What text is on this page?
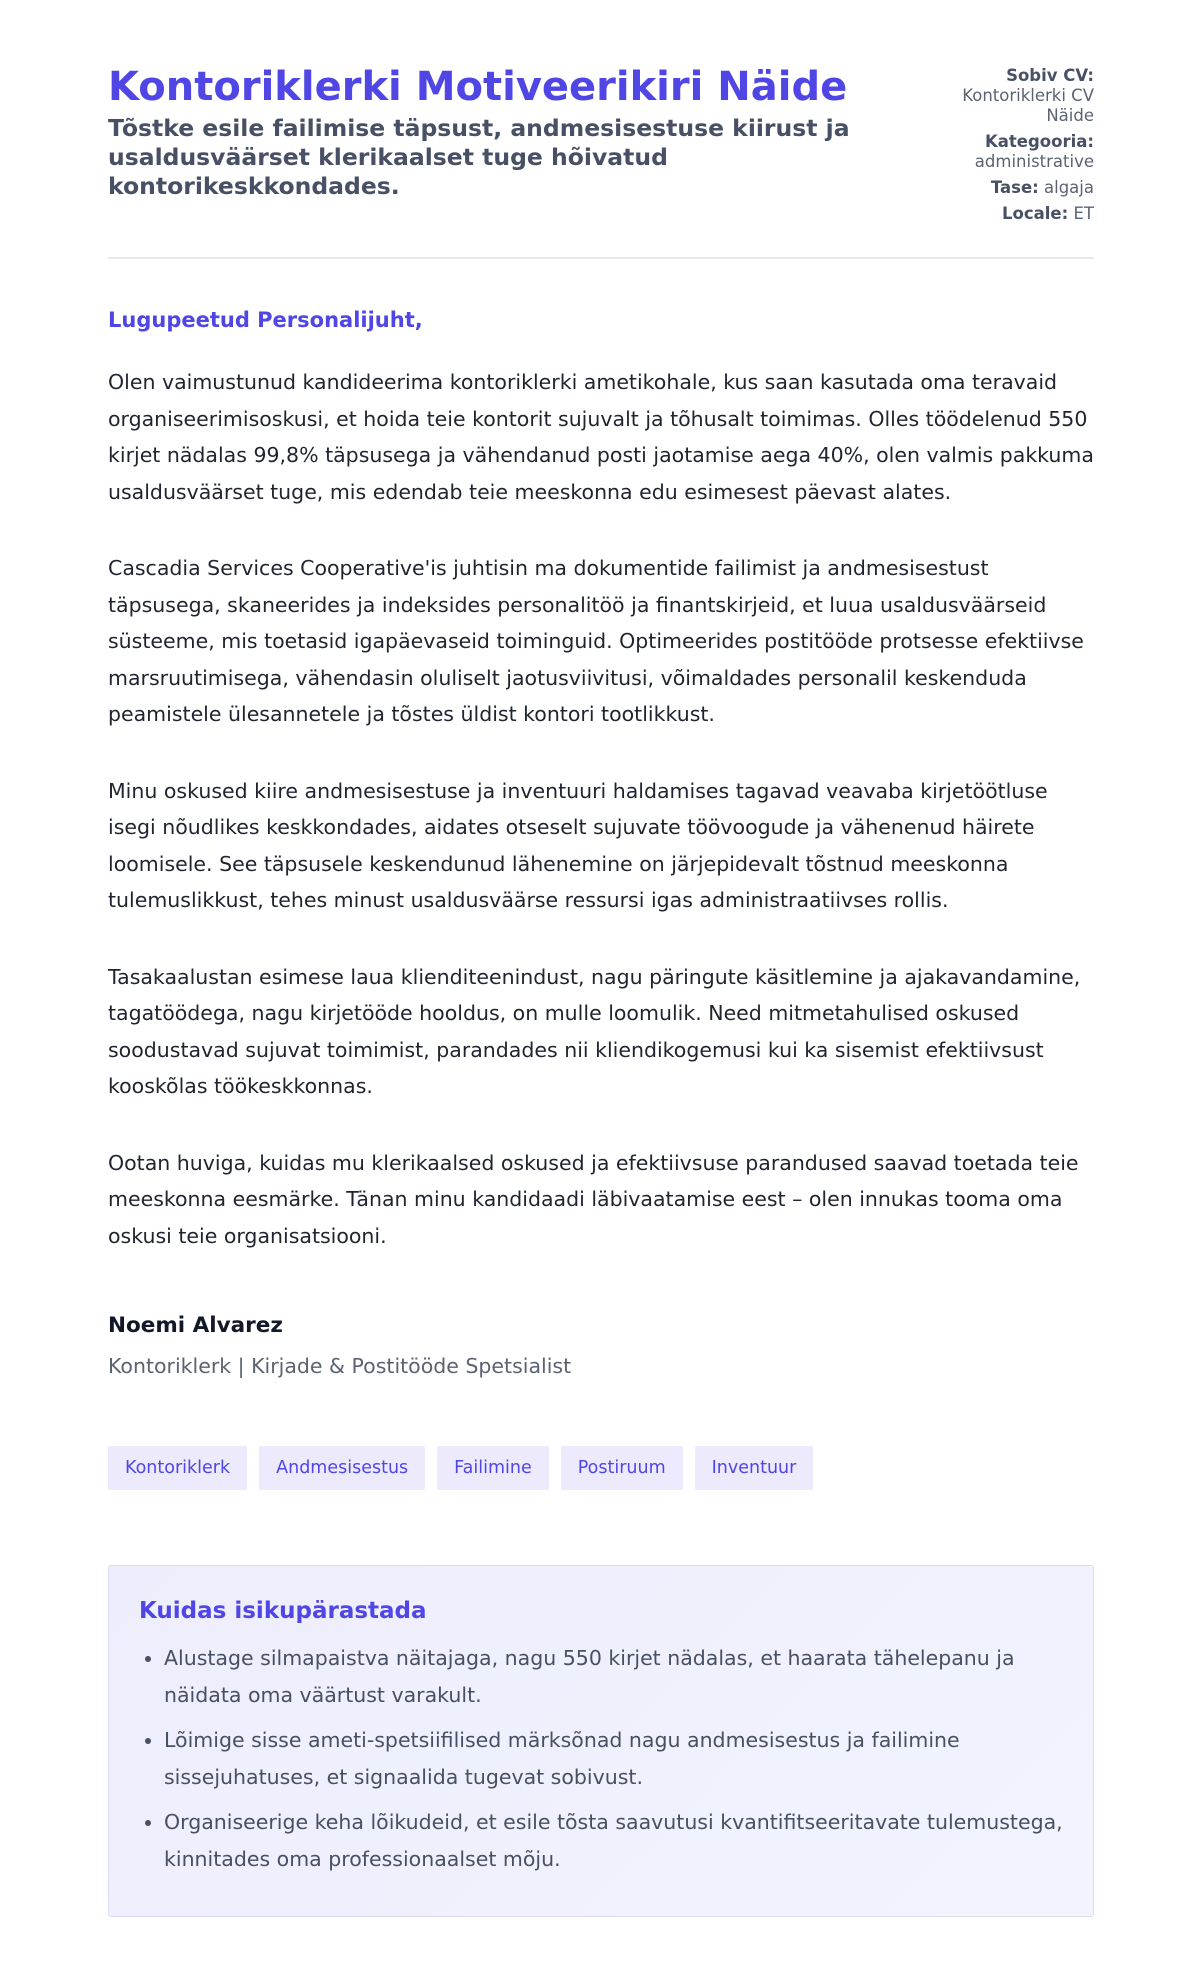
Kontoriklerki Motiveerikiri Näide
Tõstke esile failimise täpsust, andmesisestuse kiirust ja usaldusväärset klerikaalset tuge hõivatud kontorikeskkondades.
Sobiv CV:
Kontoriklerki CV Näide
Kategooria:
administrative
Tase: algaja
Locale: ET

Lugupeetud Personalijuht,

Olen vaimustunud kandideerima kontoriklerki ametikohale, kus saan kasutada oma teravaid organiseerimisoskusi, et hoida teie kontorit sujuvalt ja tõhusalt toimimas. Olles töödelenud 550 kirjet nädalas 99,8% täpsusega ja vähendanud posti jaotamise aega 40%, olen valmis pakkuma usaldusväärset tuge, mis edendab teie meeskonna edu esimesest päevast alates.

Cascadia Services Cooperative'is juhtisin ma dokumentide failimist ja andmesisestust täpsusega, skaneerides ja indeksides personalitöö ja finantskirjeid, et luua usaldusväärseid süsteeme, mis toetasid igapäevaseid toiminguid. Optimeerides postitööde protsesse efektiivse marsruutimisega, vähendasin oluliselt jaotusviivitusi, võimaldades personalil keskenduda peamistele ülesannetele ja tõstes üldist kontori tootlikkust.

Minu oskused kiire andmesisestuse ja inventuuri haldamises tagavad veavaba kirjetöötluse isegi nõudlikes keskkondades, aidates otseselt sujuvate töövoogude ja vähenenud häirete loomisele. See täpsusele keskendunud lähenemine on järjepidevalt tõstnud meeskonna tulemuslikkust, tehes minust usaldusväärse ressursi igas administraatiivses rollis.

Tasakaalustan esimese laua klienditeenindust, nagu päringute käsitlemine ja ajakavandamine, tagatöödega, nagu kirjetööde hooldus, on mulle loomulik. Need mitmetahulised oskused soodustavad sujuvat toimimist, parandades nii kliendikogemusi kui ka sisemist efektiivsust kooskõlas töökeskkonnas.

Ootan huviga, kuidas mu klerikaalsed oskused ja efektiivsuse parandused saavad toetada teie meeskonna eesmärke. Tänan minu kandidaadi läbivaatamise eest – olen innukas tooma oma oskusi teie organisatsiooni.

Noemi Alvarez
Kontoriklerk | Kirjade & Postitööde Spetsialist
Kontoriklerk	Andmesisestus	Failimine	Postiruum	Inventuur
Kuidas isikupärastada
• Alustage silmapaistva näitajaga, nagu 550 kirjet nädalas, et haarata tähelepanu ja näidata oma väärtust varakult.
• Lõimige sisse ameti-spetsiifilised märksõnad nagu andmesisestus ja failimine sissejuhatuses, et signaalida tugevat sobivust.
• Organiseerige keha lõikudeid, et esile tõsta saavutusi kvantifitseeritavate tulemustega, kinnitades oma professionaalset mõju.
